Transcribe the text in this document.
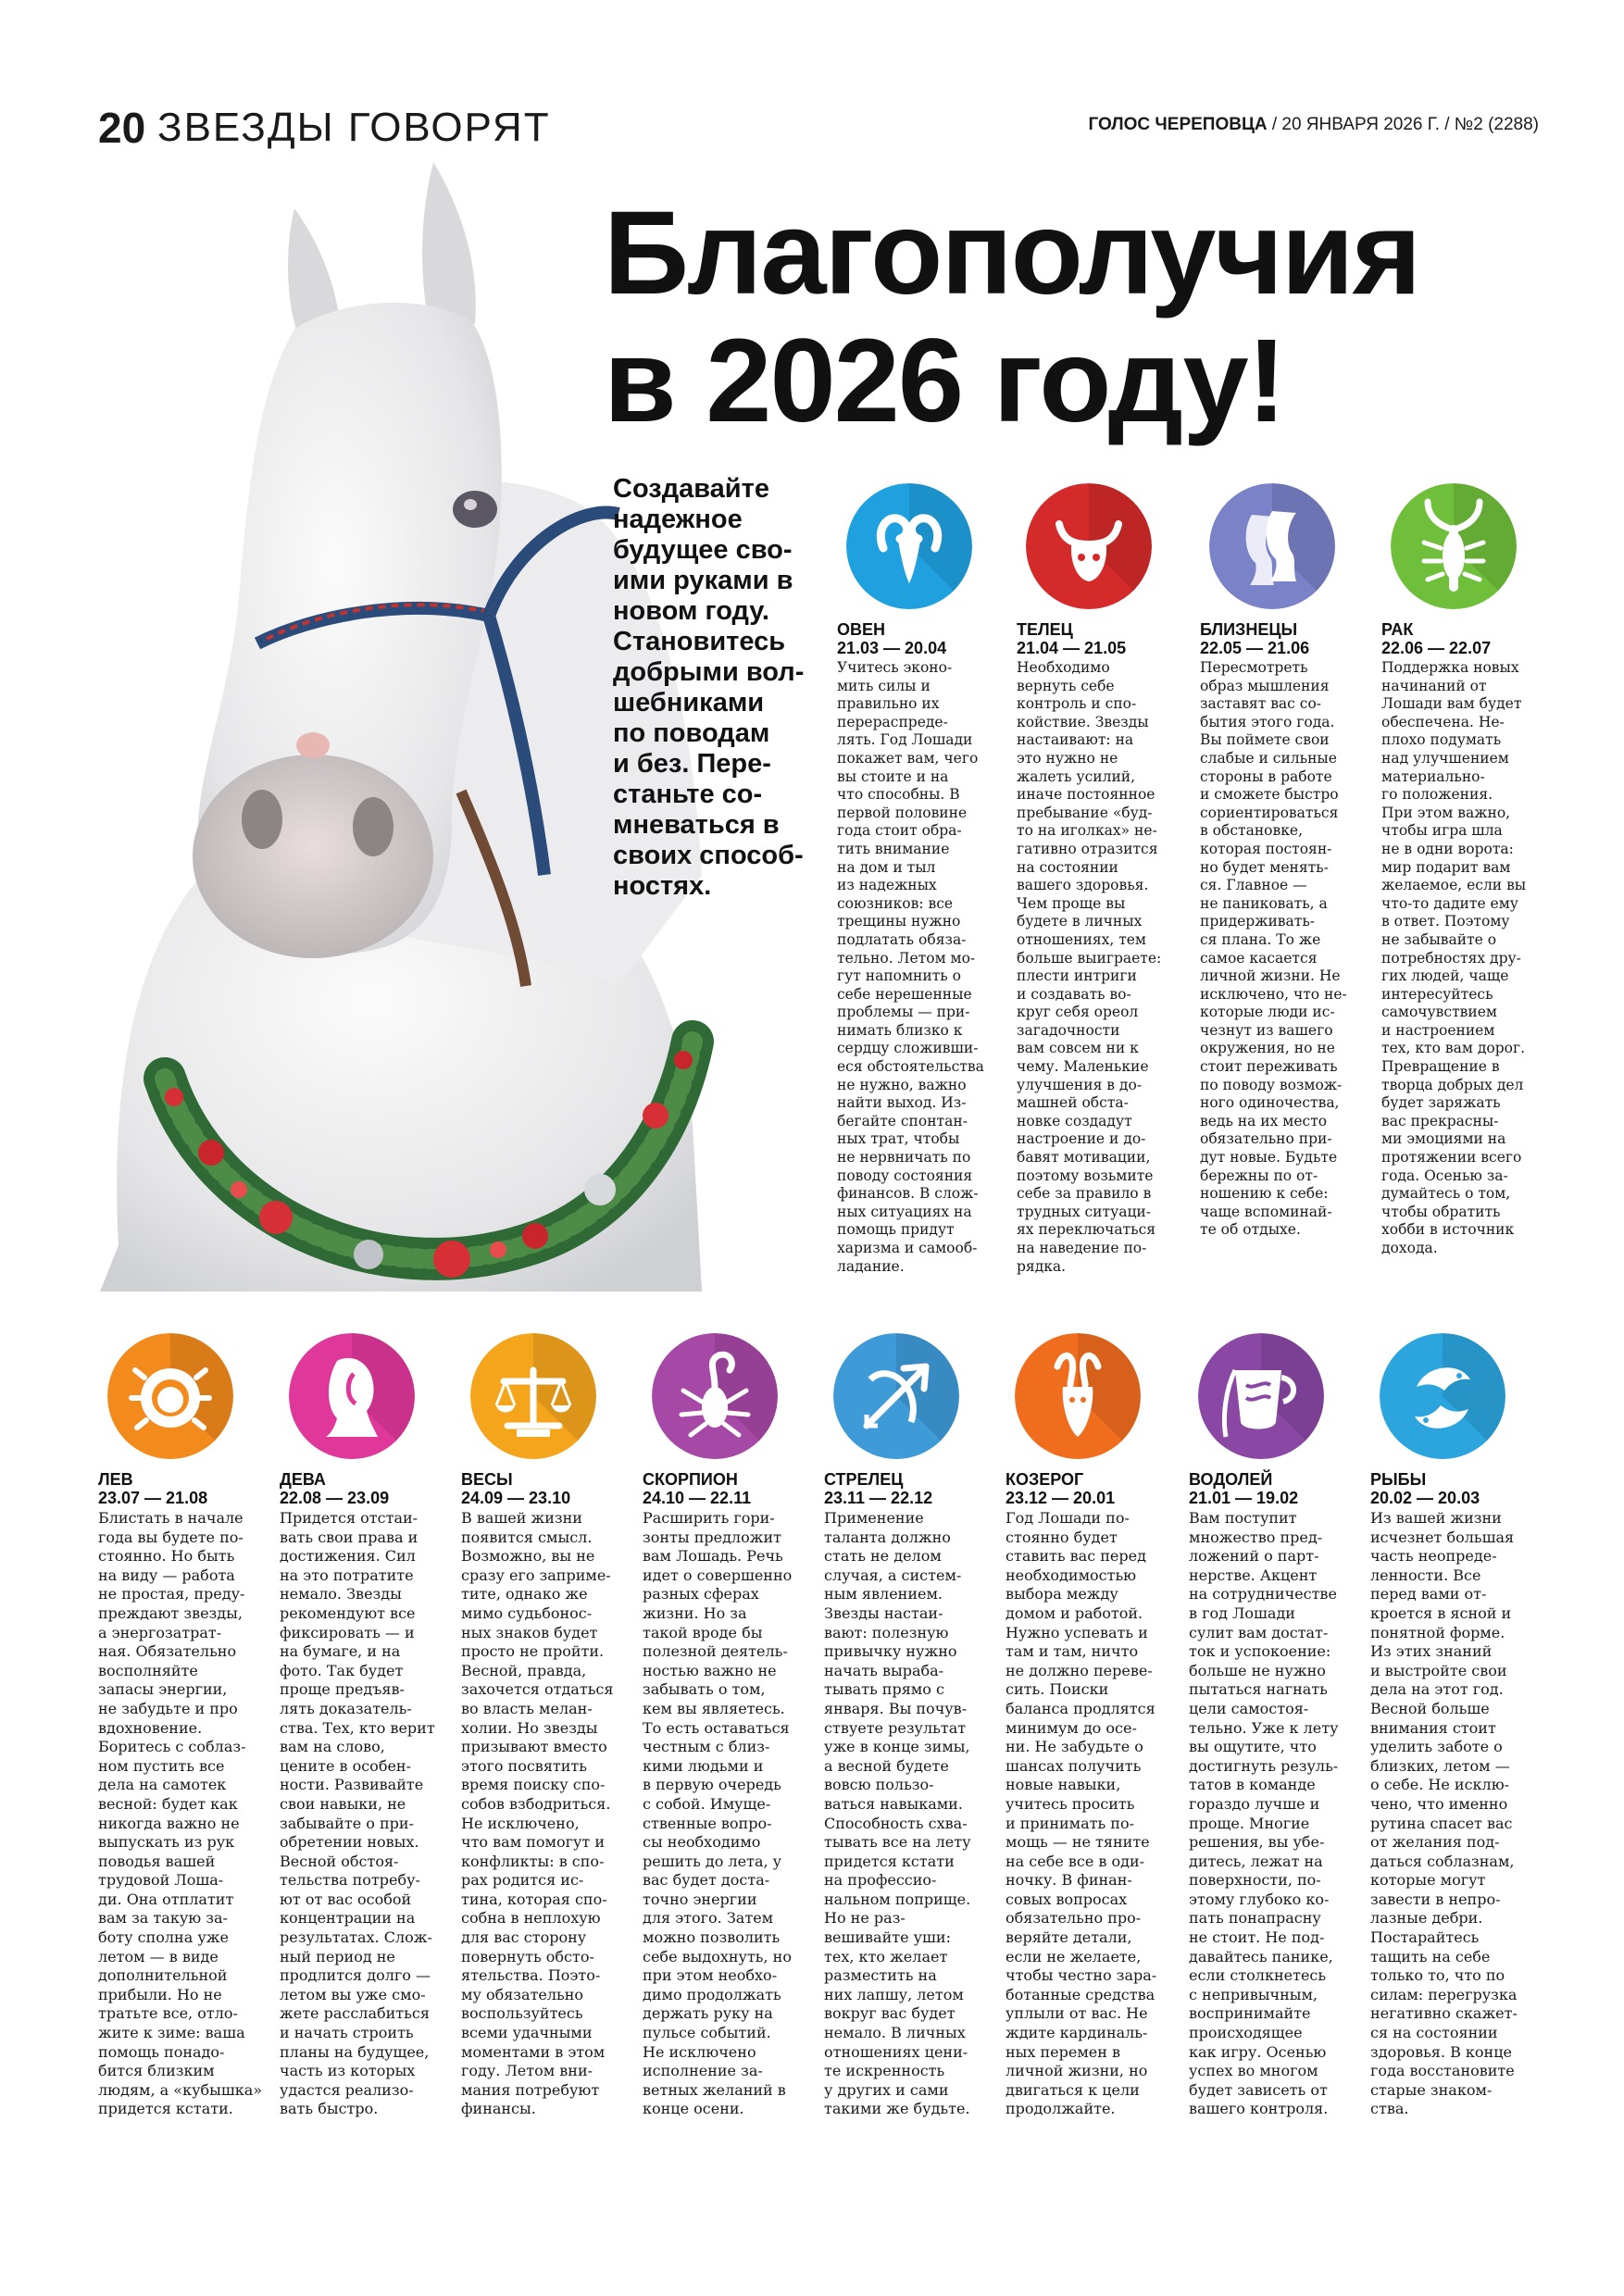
20 ЗВЕЗДЫ ГОВОРЯТ	ГОЛОС ЧЕРЕПОВЦА / 20 ЯНВАРЯ 2026 Г. / №2 (2288)
Благополучия
в 2026 году!
Создавайте
надежное
будущее сво-
ими руками в
новом году.
Становитесь
добрыми вол-
шебниками
по поводам
и без. Пере-
станьте со-
мневаться в
своих способ-
ностях.
ОВЕН
21.03 — 20.04
Учитесь эконо-
мить силы и
правильно их
перераспреде-
лять. Год Лошади
покажет вам, чего
вы стоите и на
что способны. В
первой половине
года стоит обра-
тить внимание
на дом и тыл
из надежных
союзников: все
трещины нужно
подлатать обяза-
тельно. Летом мо-
гут напомнить о
себе нерешенные
проблемы — при-
нимать близко к
сердцу сложивши-
еся обстоятельства
не нужно, важно
найти выход. Из-
бегайте спонтан-
ных трат, чтобы
не нервничать по
поводу состояния
финансов. В слож-
ных ситуациях на
помощь придут
харизма и самооб-
ладание.
ТЕЛЕЦ
21.04 — 21.05
Необходимо
вернуть себе
контроль и спо-
койствие. Звезды
настаивают: на
это нужно не
жалеть усилий,
иначе постоянное
пребывание «буд-
то на иголках» не-
гативно отразится
на состоянии
вашего здоровья.
Чем проще вы
будете в личных
отношениях, тем
больше выиграете:
плести интриги
и создавать во-
круг себя ореол
загадочности
вам совсем ни к
чему. Маленькие
улучшения в до-
машней обста-
новке создадут
настроение и до-
бавят мотивации,
поэтому возьмите
себе за правило в
трудных ситуаци-
ях переключаться
на наведение по-
рядка.
БЛИЗНЕЦЫ
22.05 — 21.06
Пересмотреть
образ мышления
заставят вас со-
бытия этого года.
Вы поймете свои
слабые и сильные
стороны в работе
и сможете быстро
сориентироваться
в обстановке,
которая постоян-
но будет менять-
ся. Главное —
не паниковать, а
придерживать-
ся плана. То же
самое касается
личной жизни. Не
исключено, что не-
которые люди ис-
чезнут из вашего
окружения, но не
стоит переживать
по поводу возмож-
ного одиночества,
ведь на их место
обязательно при-
дут новые. Будьте
бережны по от-
ношению к себе:
чаще вспоминай-
те об отдыхе.
РАК
22.06 — 22.07
Поддержка новых
начинаний от
Лошади вам будет
обеспечена. Не-
плохо подумать
над улучшением
материально-
го положения.
При этом важно,
чтобы игра шла
не в одни ворота:
мир подарит вам
желаемое, если вы
что-то дадите ему
в ответ. Поэтому
не забывайте о
потребностях дру-
гих людей, чаще
интересуйтесь
самочувствием
и настроением
тех, кто вам дорог.
Превращение в
творца добрых дел
будет заряжать
вас прекрасны-
ми эмоциями на
протяжении всего
года. Осенью за-
думайтесь о том,
чтобы обратить
хобби в источник
дохода.
ЛЕВ
23.07 — 21.08
Блистать в начале
года вы будете по-
стоянно. Но быть
на виду — работа
не простая, преду-
преждают звезды,
а энергозатрат-
ная. Обязательно
восполняйте
запасы энергии,
не забудьте и про
вдохновение.
Боритесь с соблаз-
ном пустить все
дела на самотек
весной: будет как
никогда важно не
выпускать из рук
поводья вашей
трудовой Лоша-
ди. Она отплатит
вам за такую за-
боту сполна уже
летом — в виде
дополнительной
прибыли. Но не
тратьте все, отло-
жите к зиме: ваша
помощь понадо-
бится близким
людям, а «кубышка»
придется кстати.
ДЕВА
22.08 — 23.09
Придется отстаи-
вать свои права и
достижения. Сил
на это потратите
немало. Звезды
рекомендуют все
фиксировать — и
на бумаге, и на
фото. Так будет
проще предъяв-
лять доказатель-
ства. Тех, кто верит
вам на слово,
цените в особен-
ности. Развивайте
свои навыки, не
забывайте о при-
обретении новых.
Весной обстоя-
тельства потребу-
ют от вас особой
концентрации на
результатах. Слож-
ный период не
продлится долго —
летом вы уже смо-
жете расслабиться
и начать строить
планы на будущее,
часть из которых
удастся реализо-
вать быстро.
ВЕСЫ
24.09 — 23.10
В вашей жизни
появится смысл.
Возможно, вы не
сразу его заприме-
тите, однако же
мимо судьбонос-
ных знаков будет
просто не пройти.
Весной, правда,
захочется отдаться
во власть мелан-
холии. Но звезды
призывают вместо
этого посвятить
время поиску спо-
собов взбодриться.
Не исключено,
что вам помогут и
конфликты: в спо-
рах родится ис-
тина, которая спо-
собна в неплохую
для вас сторону
повернуть обсто-
ятельства. Поэто-
му обязательно
воспользуйтесь
всеми удачными
моментами в этом
году. Летом вни-
мания потребуют
финансы.
СКОРПИОН
24.10 — 22.11
Расширить гори-
зонты предложит
вам Лошадь. Речь
идет о совершенно
разных сферах
жизни. Но за
такой вроде бы
полезной деятель-
ностью важно не
забывать о том,
кем вы являетесь.
То есть оставаться
честным с близ-
кими людьми и
в первую очередь
с собой. Имуще-
ственные вопро-
сы необходимо
решить до лета, у
вас будет доста-
точно энергии
для этого. Затем
можно позволить
себе выдохнуть, но
при этом необхо-
димо продолжать
держать руку на
пульсе событий.
Не исключено
исполнение за-
ветных желаний в
конце осени.
СТРЕЛЕЦ
23.11 — 22.12
Применение
таланта должно
стать не делом
случая, а систем-
ным явлением.
Звезды настаи-
вают: полезную
привычку нужно
начать выраба-
тывать прямо с
января. Вы почув-
ствуете результат
уже в конце зимы,
а весной будете
вовсю пользо-
ваться навыками.
Способность схва-
тывать все на лету
придется кстати
на профессио-
нальном поприще.
Но не раз-
вешивайте уши:
тех, кто желает
разместить на
них лапшу, летом
вокруг вас будет
немало. В личных
отношениях цени-
те искренность
у других и сами
такими же будьте.
КОЗЕРОГ
23.12 — 20.01
Год Лошади по-
стоянно будет
ставить вас перед
необходимостью
выбора между
домом и работой.
Нужно успевать и
там и там, ничто
не должно переве-
сить. Поиски
баланса продлятся
минимум до осе-
ни. Не забудьте о
шансах получить
новые навыки,
учитесь просить
и принимать по-
мощь — не тяните
на себе все в оди-
ночку. В финан-
совых вопросах
обязательно про-
веряйте детали,
если не желаете,
чтобы честно зара-
ботанные средства
уплыли от вас. Не
ждите кардиналь-
ных перемен в
личной жизни, но
двигаться к цели
продолжайте.
ВОДОЛЕЙ
21.01 — 19.02
Вам поступит
множество пред-
ложений о парт-
нерстве. Акцент
на сотрудничестве
в год Лошади
сулит вам достат-
ток и успокоение:
больше не нужно
пытаться нагнать
цели самостоя-
тельно. Уже к лету
вы ощутите, что
достигнуть резуль-
татов в команде
гораздо лучше и
проще. Многие
решения, вы убе-
дитесь, лежат на
поверхности, по-
этому глубоко ко-
пать понапрасну
не стоит. Не под-
давайтесь панике,
если столкнетесь
с непривычным,
воспринимайте
происходящее
как игру. Осенью
успех во многом
будет зависеть от
вашего контроля.
РЫБЫ
20.02 — 20.03
Из вашей жизни
исчезнет большая
часть неопреде-
ленности. Все
перед вами от-
кроется в ясной и
понятной форме.
Из этих знаний
и выстройте свои
дела на этот год.
Весной больше
внимания стоит
уделить заботе о
близких, летом —
о себе. Не исклю-
чено, что именно
рутина спасет вас
от желания под-
даться соблазнам,
которые могут
завести в непро-
лазные дебри.
Постарайтесь
тащить на себе
только то, что по
силам: перегрузка
негативно скажет-
ся на состоянии
здоровья. В конце
года восстановите
старые знаком-
ства.
